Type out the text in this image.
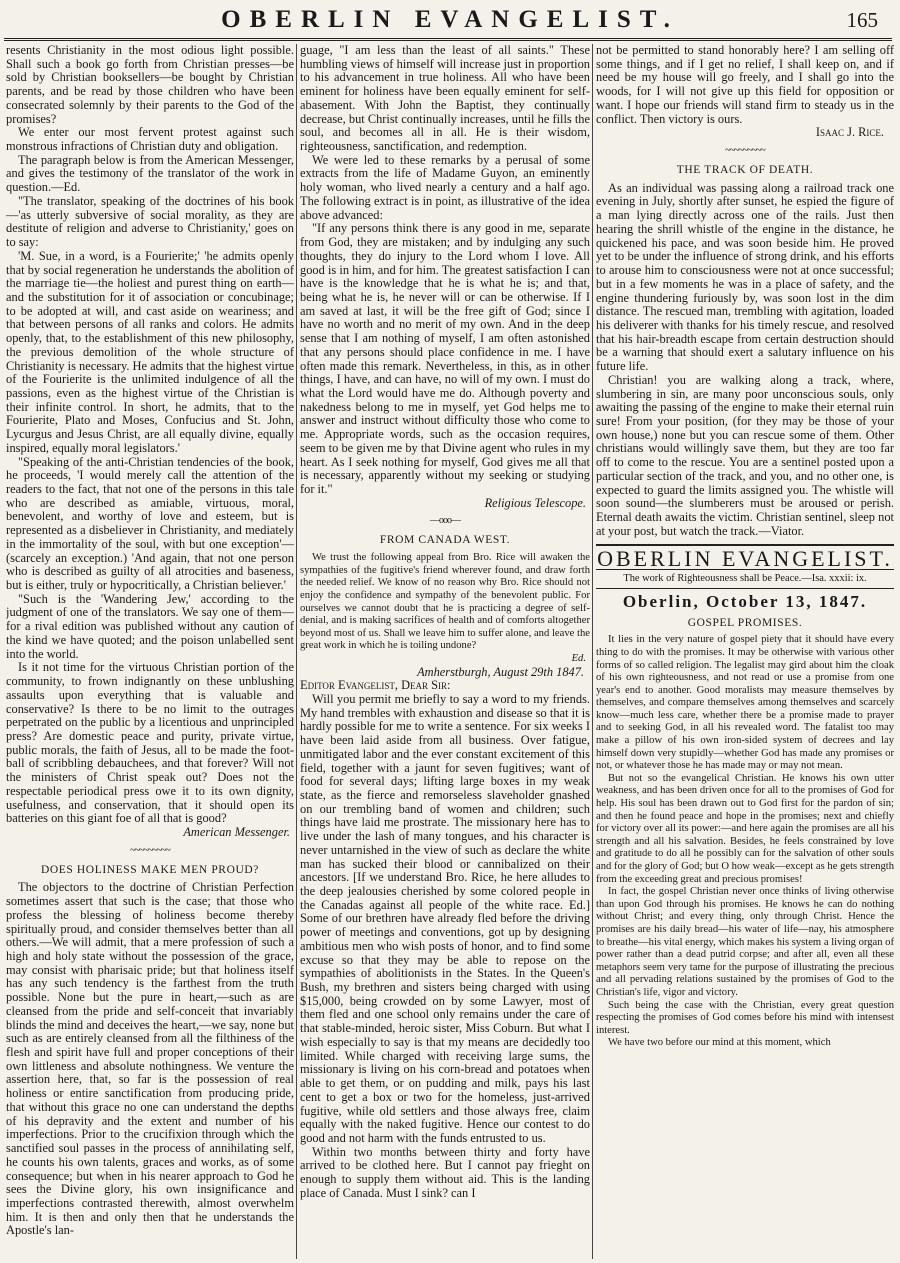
OBERLIN EVANGELIST.	165

resents Christianity in the most odious light possible. Shall such a book go forth from Christian presses—be sold by Christian booksellers—be bought by Christian parents, and be read by those children who have been consecrated solemnly by their parents to the God of the promises?

We enter our most fervent protest against such monstrous infractions of Christian duty and obligation.

The paragraph below is from the American Messenger, and gives the testimony of the translator of the work in question.—Ed.

"The translator, speaking of the doctrines of his book—'as utterly subversive of social morality, as they are destitute of religion and adverse to Christianity,' goes on to say:

'M. Sue, in a word, is a Fourierite;' 'he admits openly that by social regeneration he understands the abolition of the marriage tie—the holiest and purest thing on earth—and the substitution for it of association or concubinage; to be adopted at will, and cast aside on weariness; and that between persons of all ranks and colors. He admits openly, that, to the establishment of this new philosophy, the previous demolition of the whole structure of Christianity is necessary. He admits that the highest virtue of the Fourierite is the unlimited indulgence of all the passions, even as the highest virtue of the Christian is their infinite control. In short, he admits, that to the Fourierite, Plato and Moses, Confucius and St. John, Lycurgus and Jesus Christ, are all equally divine, equally inspired, equally moral legislators.'

"Speaking of the anti-Christian tendencies of the book, he proceeds, 'I would merely call the attention of the readers to the fact, that not one of the persons in this tale who are described as amiable, virtuous, moral, benevolent, and worthy of love and esteem, but is represented as a disbeliever in Christianity, and mediately in the immortality of the soul, with but one exception'—(scarcely an exception.) 'And again, that not one person who is described as guilty of all atrocities and baseness, but is either, truly or hypocritically, a Christian believer.'

"Such is the 'Wandering Jew,' according to the judgment of one of the translators. We say one of them—for a rival edition was published without any caution of the kind we have quoted; and the poison unlabelled sent into the world.

Is it not time for the virtuous Christian portion of the community, to frown indignantly on these unblushing assaults upon everything that is valuable and conservative? Is there to be no limit to the outrages perpetrated on the public by a licentious and unprincipled press? Are domestic peace and purity, private virtue, public morals, the faith of Jesus, all to be made the foot-ball of scribbling debauchees, and that forever? Will not the ministers of Christ speak out? Does not the respectable periodical press owe it to its own dignity, usefulness, and conservation, that it should open its batteries on this giant foe of all that is good?

American Messenger.
~~~~~~~~~
DOES HOLINESS MAKE MEN PROUD?

The objectors to the doctrine of Christian Perfection sometimes assert that such is the case; that those who profess the blessing of holiness become thereby spiritually proud, and consider themselves better than all others.—We will admit, that a mere profession of such a high and holy state without the possession of the grace, may consist with pharisaic pride; but that holiness itself has any such tendency is the farthest from the truth possible. None but the pure in heart,—such as are cleansed from the pride and self-conceit that invariably blinds the mind and deceives the heart,—we say, none but such as are entirely cleansed from all the filthiness of the flesh and spirit have full and proper conceptions of their own littleness and absolute nothingness. We venture the assertion here, that, so far is the possession of real holiness or entire sanctification from producing pride, that without this grace no one can understand the depths of his depravity and the extent and number of his imperfections. Prior to the crucifixion through which the sanctified soul passes in the process of annihilating self, he counts his own talents, graces and works, as of some consequence; but when in his nearer approach to God he sees the Divine glory, his own insignificance and imperfections contrasted therewith, almost overwhelm him. It is then and only then that he understands the Apostle's lan-

guage, "I am less than the least of all saints." These humbling views of himself will increase just in proportion to his advancement in true holiness. All who have been eminent for holiness have been equally eminent for self-abasement. With John the Baptist, they continually decrease, but Christ continually increases, until he fills the soul, and becomes all in all. He is their wisdom, righteousness, sanctification, and redemption.

We were led to these remarks by a perusal of some extracts from the life of Madame Guyon, an eminently holy woman, who lived nearly a century and a half ago. The following extract is in point, as illustrative of the idea above advanced:

"If any persons think there is any good in me, separate from God, they are mistaken; and by indulging any such thoughts, they do injury to the Lord whom I love. All good is in him, and for him. The greatest satisfaction I can have is the knowledge that he is what he is; and that, being what he is, he never will or can be otherwise. If I am saved at last, it will be the free gift of God; since I have no worth and no merit of my own. And in the deep sense that I am nothing of myself, I am often astonished that any persons should place confidence in me. I have often made this remark. Nevertheless, in this, as in other things, I have, and can have, no will of my own. I must do what the Lord would have me do. Although poverty and nakedness belong to me in myself, yet God helps me to answer and instruct without difficulty those who come to me. Appropriate words, such as the occasion requires, seem to be given me by that Divine agent who rules in my heart. As I seek nothing for myself, God gives me all that is necessary, apparently without my seeking or studying for it."

Religious Telescope.
—ooo—
FROM CANADA WEST.

We trust the following appeal from Bro. Rice will awaken the sympathies of the fugitive's friend wherever found, and draw forth the needed relief. We know of no reason why Bro. Rice should not enjoy the confidence and sympathy of the benevolent public. For ourselves we cannot doubt that he is practicing a degree of self-denial, and is making sacrifices of health and of comforts altogether beyond most of us. Shall we leave him to suffer alone, and leave the great work in which he is toiling undone?

Ed.
Amherstburgh, August 29th 1847.

Editor Evangelist, Dear Sir:

Will you permit me briefly to say a word to my friends. My hand trembles with exhaustion and disease so that it is hardly possible for me to write a sentence. For six weeks I have been laid aside from all business. Over fatigue, unmitigated labor and the ever constant excitement of this field, together with a jaunt for seven fugitives; want of food for several days; lifting large boxes in my weak state, as the fierce and remorseless slaveholder gnashed on our trembling band of women and children; such things have laid me prostrate. The missionary here has to live under the lash of many tongues, and his character is never untarnished in the view of such as declare the white man has sucked their blood or cannibalized on their ancestors. [If we understand Bro. Rice, he here alludes to the deep jealousies cherished by some colored people in the Canadas against all people of the white race. Ed.] Some of our brethren have already fled before the driving power of meetings and conventions, got up by designing ambitious men who wish posts of honor, and to find some excuse so that they may be able to repose on the sympathies of abolitionists in the States. In the Queen's Bush, my brethren and sisters being charged with using $15,000, being crowded on by some Lawyer, most of them fled and one school only remains under the care of that stable-minded, heroic sister, Miss Coburn. But what I wish especially to say is that my means are decidedly too limited. While charged with receiving large sums, the missionary is living on his corn-bread and potatoes when able to get them, or on pudding and milk, pays his last cent to get a box or two for the homeless, just-arrived fugitive, while old settlers and those always free, claim equally with the naked fugitive. Hence our contest to do good and not harm with the funds entrusted to us.

Within two months between thirty and forty have arrived to be clothed here. But I cannot pay frieght on enough to supply them without aid. This is the landing place of Canada. Must I sink? can I

not be permitted to stand honorably here? I am selling off some things, and if I get no relief, I shall keep on, and if need be my house will go freely, and I shall go into the woods, for I will not give up this field for opposition or want. I hope our friends will stand firm to steady us in the conflict. Then victory is ours.

Isaac J. Rice.
~~~~~~~~~
THE TRACK OF DEATH.

As an individual was passing along a railroad track one evening in July, shortly after sunset, he espied the figure of a man lying directly across one of the rails. Just then hearing the shrill whistle of the engine in the distance, he quickened his pace, and was soon beside him. He proved yet to be under the influence of strong drink, and his efforts to arouse him to consciousness were not at once successful; but in a few moments he was in a place of safety, and the engine thundering furiously by, was soon lost in the dim distance. The rescued man, trembling with agitation, loaded his deliverer with thanks for his timely rescue, and resolved that his hair-breadth escape from certain destruction should be a warning that should exert a salutary influence on his future life.

Christian! you are walking along a track, where, slumbering in sin, are many poor unconscious souls, only awaiting the passing of the engine to make their eternal ruin sure! From your position, (for they may be those of your own house,) none but you can rescue some of them. Other christians would willingly save them, but they are too far off to come to the rescue. You are a sentinel posted upon a particular section of the track, and you, and no other one, is expected to guard the limits assigned you. The whistle will soon sound—the slumberers must be aroused or perish. Eternal death awaits the victim. Christian sentinel, sleep not at your post, but watch the track.—Viator.

OBERLIN EVANGELIST.
The work of Righteousness shall be Peace.—Isa. xxxii: ix.
Oberlin, October 13, 1847.
GOSPEL PROMISES.

It lies in the very nature of gospel piety that it should have every thing to do with the promises. It may be otherwise with various other forms of so called religion. The legalist may gird about him the cloak of his own righteousness, and not read or use a promise from one year's end to another. Good moralists may measure themselves by themselves, and compare themselves among themselves and scarcely know—much less care, whether there be a promise made to prayer and to seeking God, in all his revealed word. The fatalist too may make a pillow of his own iron-sided system of decrees and lay himself down very stupidly—whether God has made any promises or not, or whatever those he has made may or may not mean.

But not so the evangelical Christian. He knows his own utter weakness, and has been driven once for all to the promises of God for help. His soul has been drawn out to God first for the pardon of sin; and then he found peace and hope in the promises; next and chiefly for victory over all its power:—and here again the promises are all his strength and all his salvation. Besides, he feels constrained by love and gratitude to do all he possibly can for the salvation of other souls and for the glory of God; but O how weak—except as he gets strength from the exceeding great and precious promises!

In fact, the gospel Christian never once thinks of living otherwise than upon God through his promises. He knows he can do nothing without Christ; and every thing, only through Christ. Hence the promises are his daily bread—his water of life—nay, his atmosphere to breathe—his vital energy, which makes his system a living organ of power rather than a dead putrid corpse; and after all, even all these metaphors seem very tame for the purpose of illustrating the precious and all pervading relations sustained by the promises of God to the Christian's life, vigor and victory.

Such being the case with the Christian, every great question respecting the promises of God comes before his mind with intensest interest.

We have two before our mind at this moment, which
